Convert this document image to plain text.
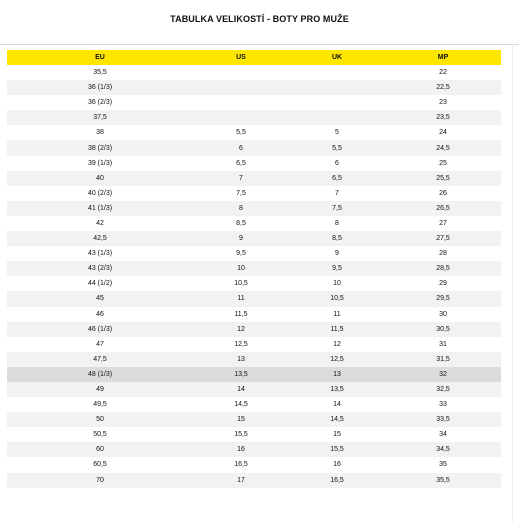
TABULKA VELIKOSTÍ - BOTY PRO MUŽE
EU	US	UK	MP
35,5			22
36 (1/3)			22,5
36 (2/3)			23
37,5			23,5
38	5,5	5	24
38 (2/3)	6	5,5	24,5
39 (1/3)	6,5	6	25
40	7	6,5	25,5
40 (2/3)	7,5	7	26
41 (1/3)	8	7,5	26,5
42	8,5	8	27
42,5	9	8,5	27,5
43 (1/3)	9,5	9	28
43 (2/3)	10	9,5	28,5
44 (1/2)	10,5	10	29
45	11	10,5	29,5
46	11,5	11	30
46 (1/3)	12	11,5	30,5
47	12,5	12	31
47,5	13	12,5	31,5
48 (1/3)	13,5	13	32
49	14	13,5	32,5
49,5	14,5	14	33
50	15	14,5	33,5
50,5	15,5	15	34
60	16	15,5	34,5
60,5	16,5	16	35
70	17	16,5	35,5
